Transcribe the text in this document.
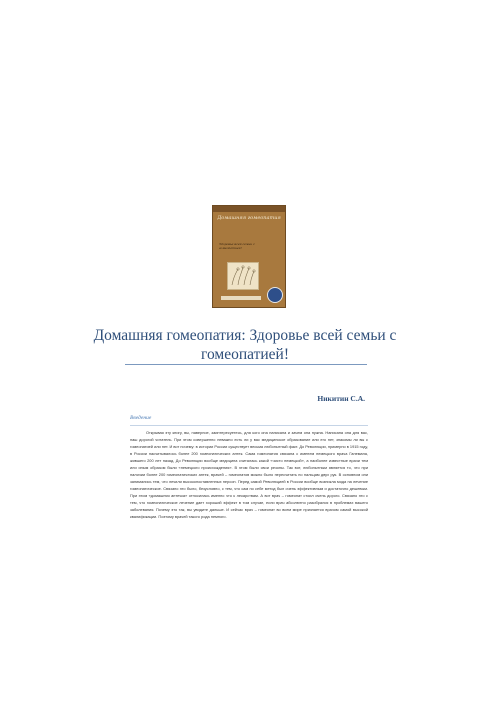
Домашняя гомеопатия
Здоровье всей семьи с гомеопатией!
Домашняя гомеопатия: Здоровье всей семьи с гомеопатией!

Никитин С.А.

Введение

Открывая эту книгу, вы, наверное, заинтересуетесь, для кого она написана и зачем она нужна. Написана она для вас, наш дорогой читатель. При этом совершенно неважно есть ли у вас медицинское образование или его нет, знакомы ли вы с гомеопатией или нет. И вот почему: в истории России существует весьма любопытный факт. До Революции, примерно в 1915 году, в России насчитывалось более 200 гомеопатических аптек. Сама гомеопатия связана с именем немецкого врача Ганемана, жившего 200 лет назад. До Революции вообще медицина считалась какой «чисто немецкой», а наиболее известные врачи тем или иным образом были «немецкого происхождения». В этом были свои резоны. Так вот, любопытным является то, что при наличии более 200 гомеопатических аптек, врачей – гомеопатов можно было пересчитать по пальцам двух рук. В основном они занимались тем, что лечили высокопоставленных персон. Перед самой Революцией в России вообще возникла мода на лечение гомеопатическое. Связано это было, безусловно, с тем, что сам по себе метод был очень эффективным и достаточно дешевым. При этом «домашняя аптечка» относилась именно что к лекарствам. А вот врач – гомеопат стоил очень дорого. Связано это с тем, что гомеопатическое лечение дает хороший эффект в том случае, если врач абсолютно разобрался в проблемах вашего заболевания. Почему это так, вы увидите дальше. И сейчас врач – гомеопат во всем мире признается врачом самой высокой квалификации. Поэтому врачей такого рода немного.
